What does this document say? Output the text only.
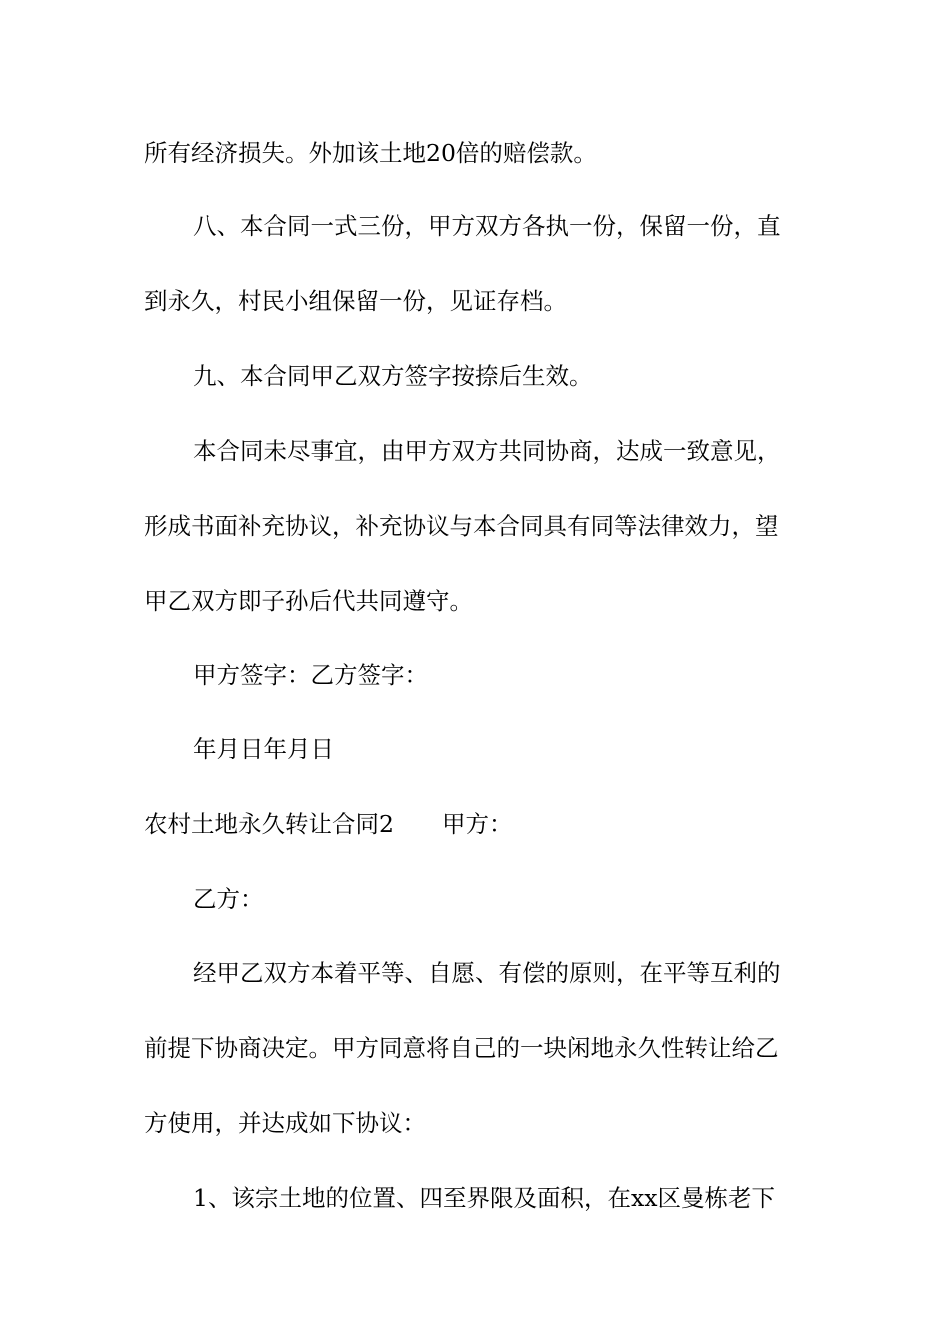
所有经济损失。外加该土地20倍的赔偿款。
八、本合同一式三份，甲方双方各执一份，保留一份，直
到永久，村民小组保留一份，见证存档。
九、本合同甲乙双方签字按捺后生效。
本合同未尽事宜，由甲方双方共同协商，达成一致意见，
形成书面补充协议，补充协议与本合同具有同等法律效力，望
甲乙双方即子孙后代共同遵守。
甲方签字：乙方签字：
年月日年月日
农村土地永久转让合同2 甲方：
乙方：
经甲乙双方本着平等、自愿、有偿的原则，在平等互利的
前提下协商决定。甲方同意将自己的一块闲地永久性转让给乙
方使用，并达成如下协议：
1、该宗土地的位置、四至界限及面积，在xx区曼栋老下
